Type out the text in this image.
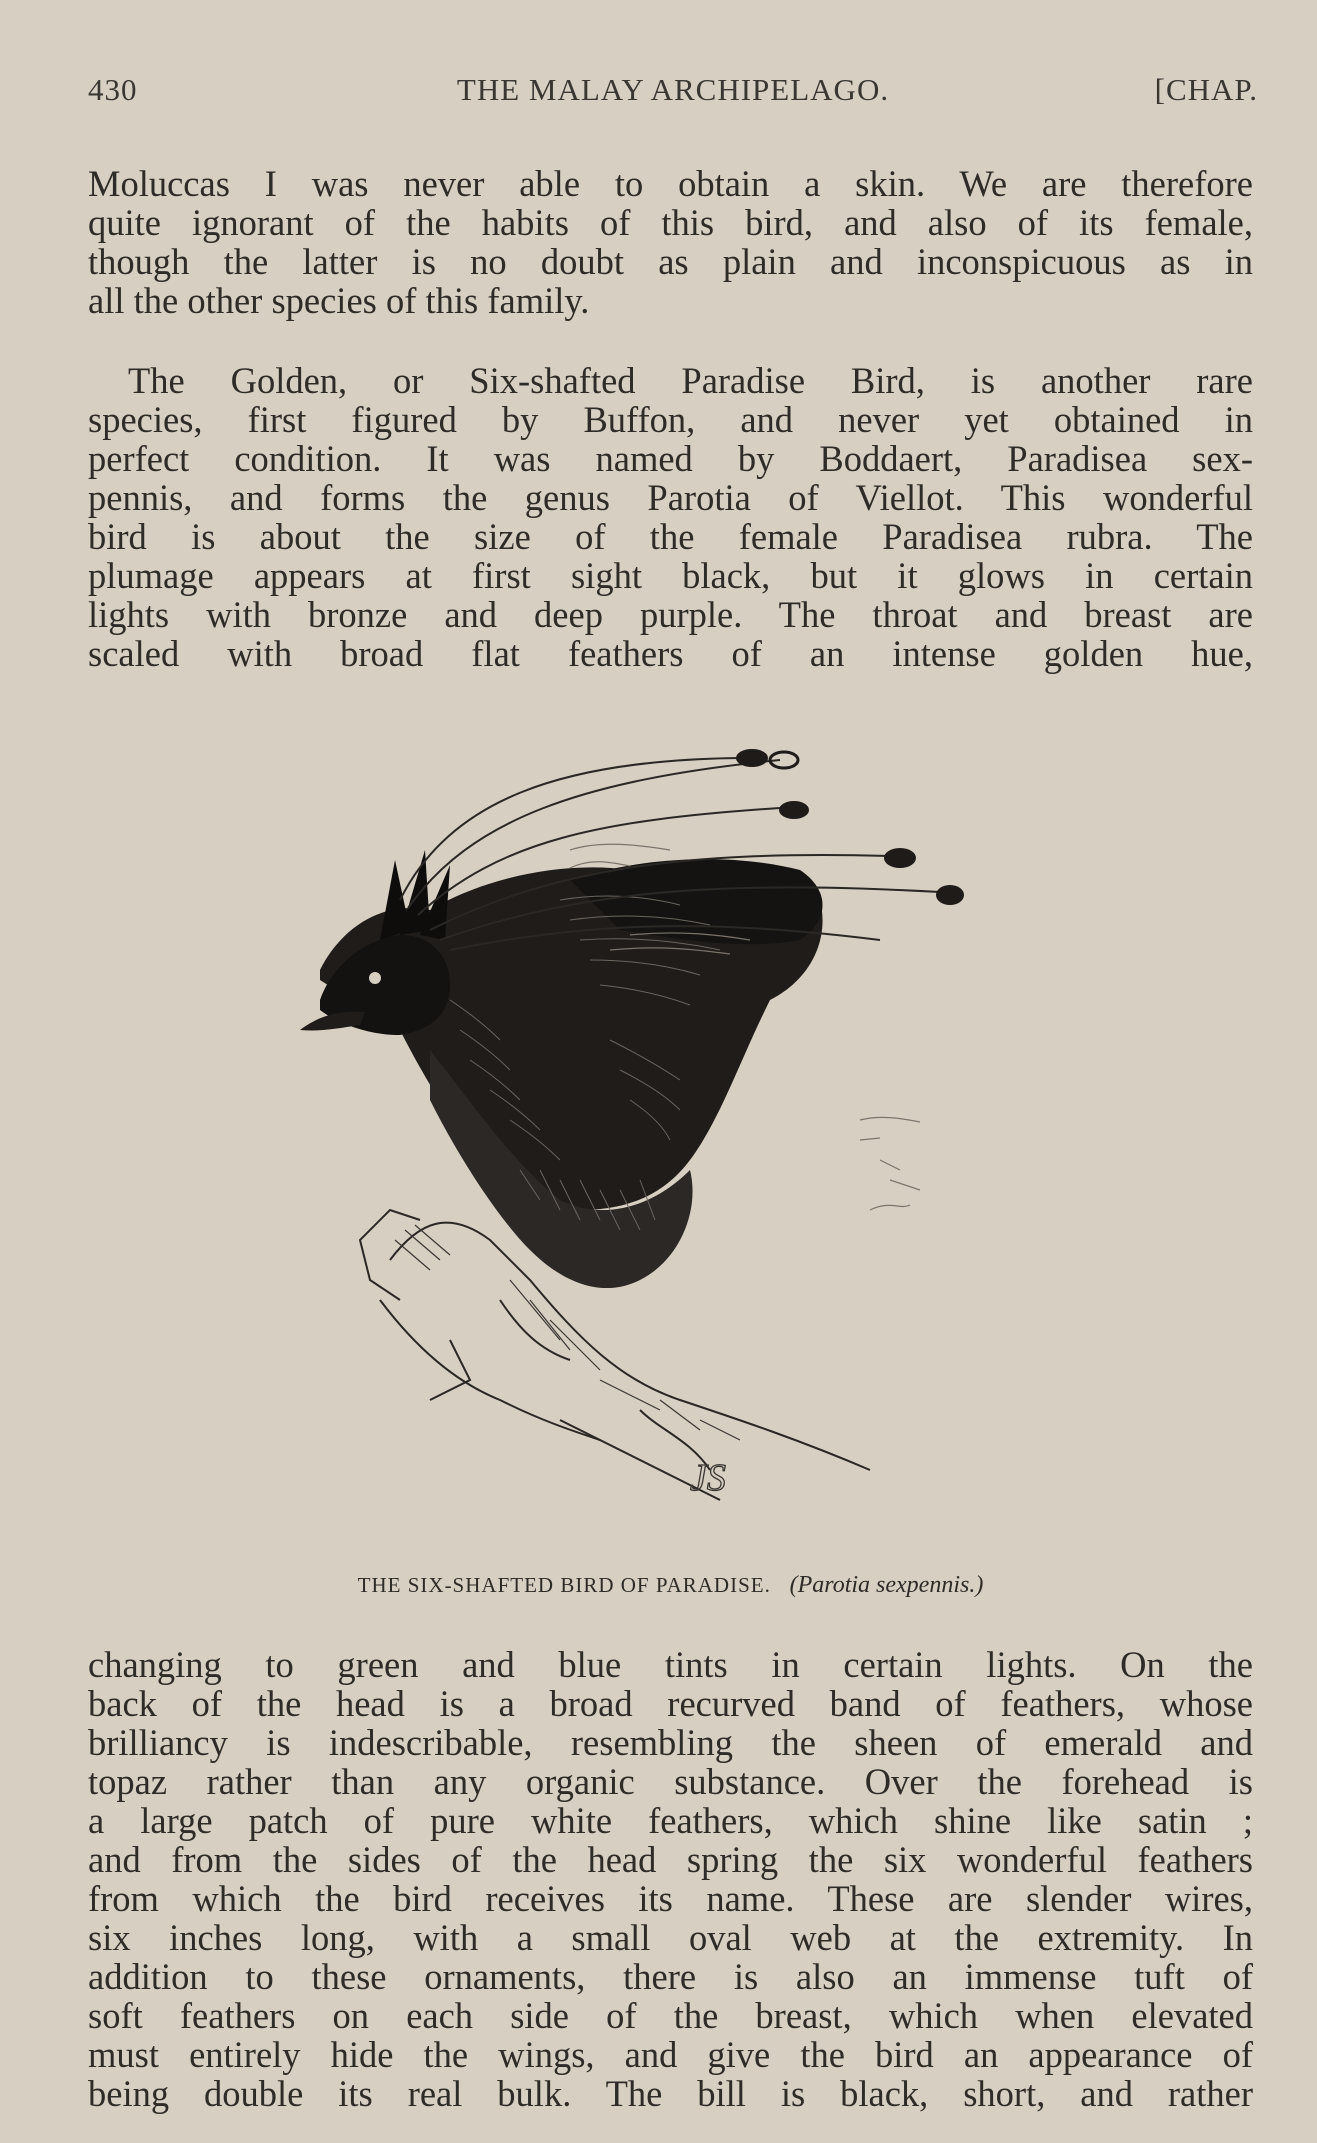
430	THE MALAY ARCHIPELAGO.	[CHAP.
Moluccas I was never able to obtain a skin. We are therefore
quite ignorant of the habits of this bird, and also of its female,
though the latter is no doubt as plain and inconspicuous as in
all the other species of this family.
The Golden, or Six-shafted Paradise Bird, is another rare
species, first figured by Buffon, and never yet obtained in
perfect condition. It was named by Boddaert, Paradisea sex-
pennis, and forms the genus Parotia of Viellot. This wonderful
bird is about the size of the female Paradisea rubra. The
plumage appears at first sight black, but it glows in certain
lights with bronze and deep purple. The throat and breast are
scaled with broad flat feathers of an intense golden hue,
JS
THE SIX-SHAFTED BIRD OF PARADISE. (Parotia sexpennis.)
changing to green and blue tints in certain lights. On the
back of the head is a broad recurved band of feathers, whose
brilliancy is indescribable, resembling the sheen of emerald and
topaz rather than any organic substance. Over the forehead is
a large patch of pure white feathers, which shine like satin ;
and from the sides of the head spring the six wonderful feathers
from which the bird receives its name. These are slender wires,
six inches long, with a small oval web at the extremity. In
addition to these ornaments, there is also an immense tuft of
soft feathers on each side of the breast, which when elevated
must entirely hide the wings, and give the bird an appearance of
being double its real bulk. The bill is black, short, and rather
